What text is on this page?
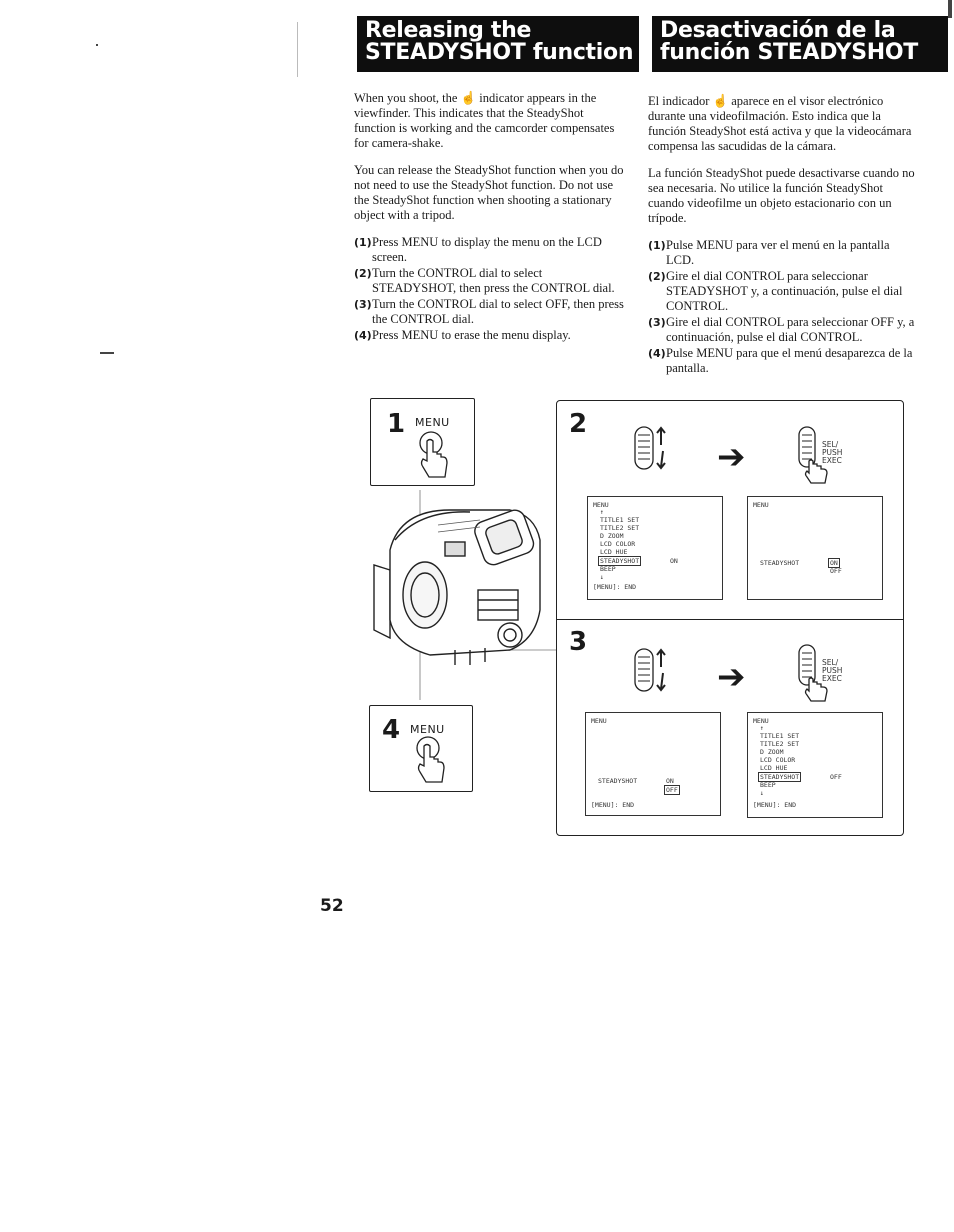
Releasing the
STEADYSHOT function
Desactivación de la
función STEADYSHOT

When you shoot, the ☝ indicator appears in the viewfinder. This indicates that the SteadyShot function is working and the camcorder compensates for camera-shake.

You can release the SteadyShot function when you do not need to use the SteadyShot function. Do not use the SteadyShot function when shooting a stationary object with a tripod.

(1) Press MENU to display the menu on the LCD screen.
(2) Turn the CONTROL dial to select STEADYSHOT, then press the CONTROL dial.
(3) Turn the CONTROL dial to select OFF, then press the CONTROL dial.
(4) Press MENU to erase the menu display.

El indicador ☝ aparece en el visor electrónico durante una videofilmación. Esto indica que la función SteadyShot está activa y que la videocámara compensa las sacudidas de la cámara.

La función SteadyShot puede desactivarse cuando no sea necesaria. No utilice la función SteadyShot cuando videofilme un objeto estacionario con un trípode.

(1) Pulse MENU para ver el menú en la pantalla LCD.
(2) Gire el dial CONTROL para seleccionar STEADYSHOT y, a continuación, pulse el dial CONTROL.
(3) Gire el dial CONTROL para seleccionar OFF y, a continuación, pulse el dial CONTROL.
(4) Pulse MENU para que el menú desaparezca de la pantalla.
1 MENU
4 MENU
2
➔	SEL/
PUSH
EXEC
MENU
↑
TITLE1 SET
TITLE2 SET
D ZOOM
LCD COLOR
LCD HUE
STEADYSHOT	ON
BEEP
↓
[MENU]: END
MENU
STEADYSHOT	ON
OFF
3
➔	SEL/
PUSH
EXEC
MENU
STEADYSHOT	ON
OFF
[MENU]: END
MENU
↑
TITLE1 SET
TITLE2 SET
D ZOOM
LCD COLOR
LCD HUE
STEADYSHOT	OFF
BEEP
↓
[MENU]: END
52
